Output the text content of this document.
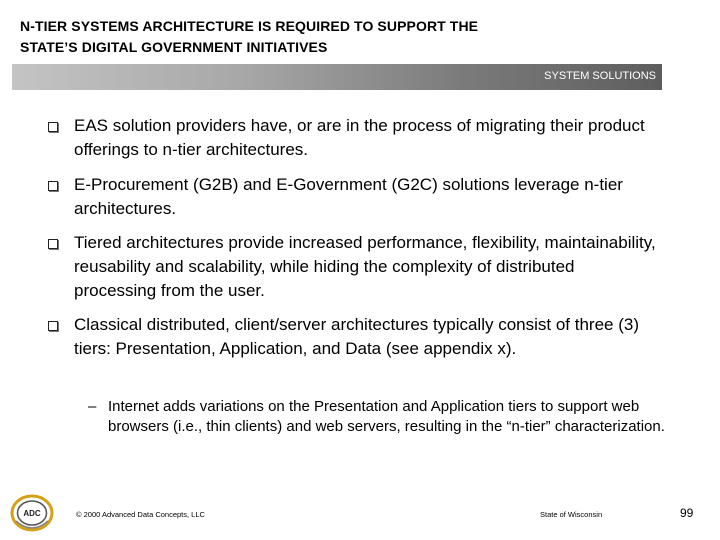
N-TIER SYSTEMS ARCHITECTURE IS REQUIRED TO SUPPORT THE
STATE’S DIGITAL GOVERNMENT INITIATIVES
SYSTEM SOLUTIONS
EAS solution providers have, or are in the process of migrating their product offerings to n-tier architectures.
E-Procurement (G2B) and E-Government (G2C) solutions leverage n-tier architectures.
Tiered architectures provide increased performance, flexibility, maintainability, reusability and scalability, while hiding the complexity of distributed processing from the user.
Classical distributed, client/server architectures typically consist of three (3) tiers: Presentation, Application, and Data (see appendix x).
– Internet adds variations on the Presentation and Application tiers to support web browsers (i.e., thin clients) and web servers, resulting in the “n-tier” characterization.
ADC	© 2000 Advanced Data Concepts, LLC	State of Wisconsin	99
